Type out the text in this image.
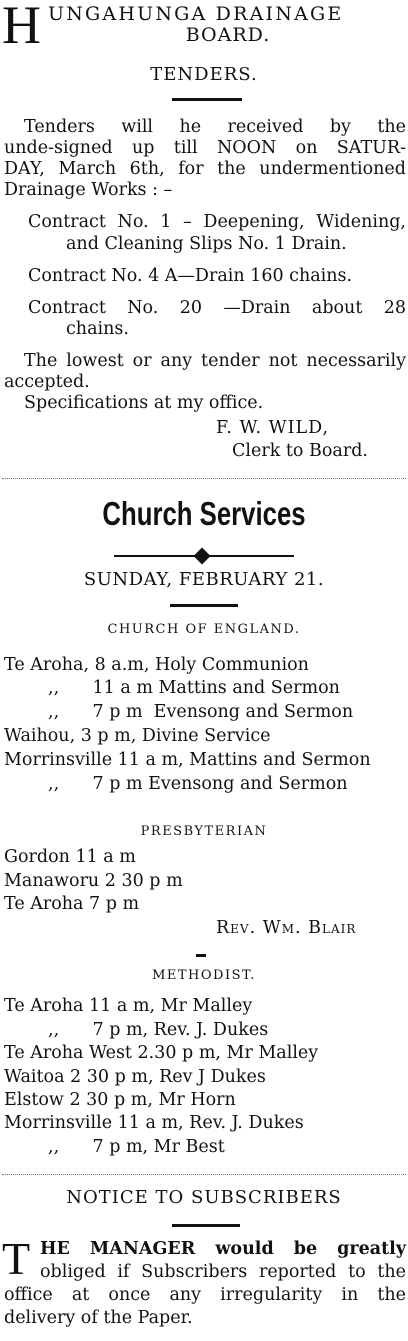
H UNGAHUNGA DRAINAGE
BOARD.
TENDERS.
Tenders will he received by the
unde-signed up till NOON on SATUR-
DAY, March 6th, for the undermentioned
Drainage Works : –
Contract No. 1 – Deepening, Widening,
and Cleaning Slips No. 1 Drain.
Contract No. 4 A—Drain 160 chains.
Contract No. 20 —Drain about 28
chains.
The lowest or any tender not necessarily
accepted.
Specifications at my office.
F. W. WILD,
Clerk to Board.
Church Services
SUNDAY, FEBRUARY 21.
CHURCH OF ENGLAND.
Te Aroha, 8 a.m, Holy Communion
,,      11 a m Mattins and Sermon
,,      7 p m  Evensong and Sermon
Waihou, 3 p m, Divine Service
Morrinsville 11 a m, Mattins and Sermon
,,      7 p m Evensong and Sermon
PRESBYTERIAN
Gordon 11 a m
Manaworu 2 30 p m
Te Aroha 7 p m
Rev. Wm. Blair
METHODIST.
Te Aroha 11 a m, Mr Malley
,,      7 p m, Rev. J. Dukes
Te Aroha West 2.30 p m, Mr Malley
Waitoa 2 30 p m, Rev J Dukes
Elstow 2 30 p m, Mr Horn
Morrinsville 11 a m, Rev. J. Dukes
,,      7 p m, Mr Best
NOTICE TO SUBSCRIBERS
T HE MANAGER would be greatly
obliged if Subscribers reported to the
office at once any irregularity in the
delivery of the Paper.
